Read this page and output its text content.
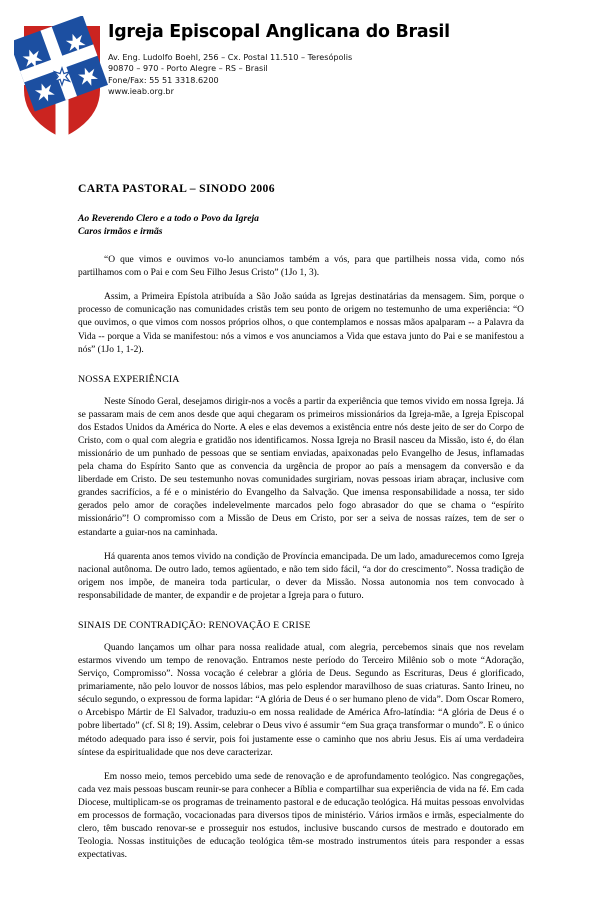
Igreja Episcopal Anglicana do Brasil
Av. Eng. Ludolfo Boehl, 256 – Cx. Postal 11.510 – Teresópolis
90870 – 970 - Porto Alegre – RS – Brasil
Fone/Fax: 55 51 3318.6200
www.ieab.org.br
CARTA PASTORAL – SINODO 2006
Ao Reverendo Clero e a todo o Povo da Igreja
Caros irmãos e irmãs

“O que vimos e ouvimos vo-lo anunciamos também a vós, para que partilheis nossa vida, como nós partilhamos com o Pai e com Seu Filho Jesus Cristo” (1Jo 1, 3).

Assim, a Primeira Epístola atribuída a São João saúda as Igrejas destinatárias da mensagem. Sim, porque o processo de comunicação nas comunidades cristãs tem seu ponto de origem no testemunho de uma experiência: “O que ouvimos, o que vimos com nossos próprios olhos, o que contemplamos e nossas mãos apalparam -- a Palavra da Vida -- porque a Vida se manifestou: nós a vimos e vos anunciamos a Vida que estava junto do Pai e se manifestou a nós” (1Jo 1, 1-2).

NOSSA EXPERIÊNCIA

Neste Sínodo Geral, desejamos dirigir-nos a vocês a partir da experiência que temos vivido em nossa Igreja. Já se passaram mais de cem anos desde que aqui chegaram os primeiros missionários da Igreja-mãe, a Igreja Episcopal dos Estados Unidos da América do Norte. A eles e elas devemos a existência entre nós deste jeito de ser do Corpo de Cristo, com o qual com alegria e gratidão nos identificamos. Nossa Igreja no Brasil nasceu da Missão, isto é, do élan missionário de um punhado de pessoas que se sentiam enviadas, apaixonadas pelo Evangelho de Jesus, inflamadas pela chama do Espírito Santo que as convencia da urgência de propor ao país a mensagem da conversão e da liberdade em Cristo. De seu testemunho novas comunidades surgiriam, novas pessoas iriam abraçar, inclusive com grandes sacrifícios, a fé e o ministério do Evangelho da Salvação. Que imensa responsabilidade a nossa, ter sido gerados pelo amor de corações indelevelmente marcados pelo fogo abrasador do que se chama o “espírito missionário”! O compromisso com a Missão de Deus em Cristo, por ser a seiva de nossas raízes, tem de ser o estandarte a guiar-nos na caminhada.

Há quarenta anos temos vivido na condição de Província emancipada. De um lado, amadurecemos como Igreja nacional autônoma. De outro lado, temos agüentado, e não tem sido fácil, “a dor do crescimento”. Nossa tradição de origem nos impõe, de maneira toda particular, o dever da Missão. Nossa autonomia nos tem convocado à responsabilidade de manter, de expandir e de projetar a Igreja para o futuro.

SINAIS DE CONTRADIÇÃO: RENOVAÇÃO E CRISE

Quando lançamos um olhar para nossa realidade atual, com alegria, percebemos sinais que nos revelam estarmos vivendo um tempo de renovação. Entramos neste período do Terceiro Milênio sob o mote “Adoração, Serviço, Compromisso”. Nossa vocação é celebrar a glória de Deus. Segundo as Escrituras, Deus é glorificado, primariamente, não pelo louvor de nossos lábios, mas pelo esplendor maravilhoso de suas criaturas. Santo Irineu, no século segundo, o expressou de forma lapidar: “A glória de Deus é o ser humano pleno de vida”. Dom Oscar Romero, o Arcebispo Mártir de El Salvador, traduziu-o em nossa realidade de América Afro-latíndia: “A glória de Deus é o pobre libertado” (cf. Sl 8; 19). Assim, celebrar o Deus vivo é assumir “em Sua graça transformar o mundo”. E o único método adequado para isso é servir, pois foi justamente esse o caminho que nos abriu Jesus. Eis aí uma verdadeira síntese da espiritualidade que nos deve caracterizar.

Em nosso meio, temos percebido uma sede de renovação e de aprofundamento teológico. Nas congregações, cada vez mais pessoas buscam reunir-se para conhecer a Bíblia e compartilhar sua experiência de vida na fé. Em cada Diocese, multiplicam-se os programas de treinamento pastoral e de educação teológica. Há muitas pessoas envolvidas em processos de formação, vocacionadas para diversos tipos de ministério. Vários irmãos e irmãs, especialmente do clero, têm buscado renovar-se e prosseguir nos estudos, inclusive buscando cursos de mestrado e doutorado em Teologia. Nossas instituições de educação teológica têm-se mostrado instrumentos úteis para responder a essas expectativas.
